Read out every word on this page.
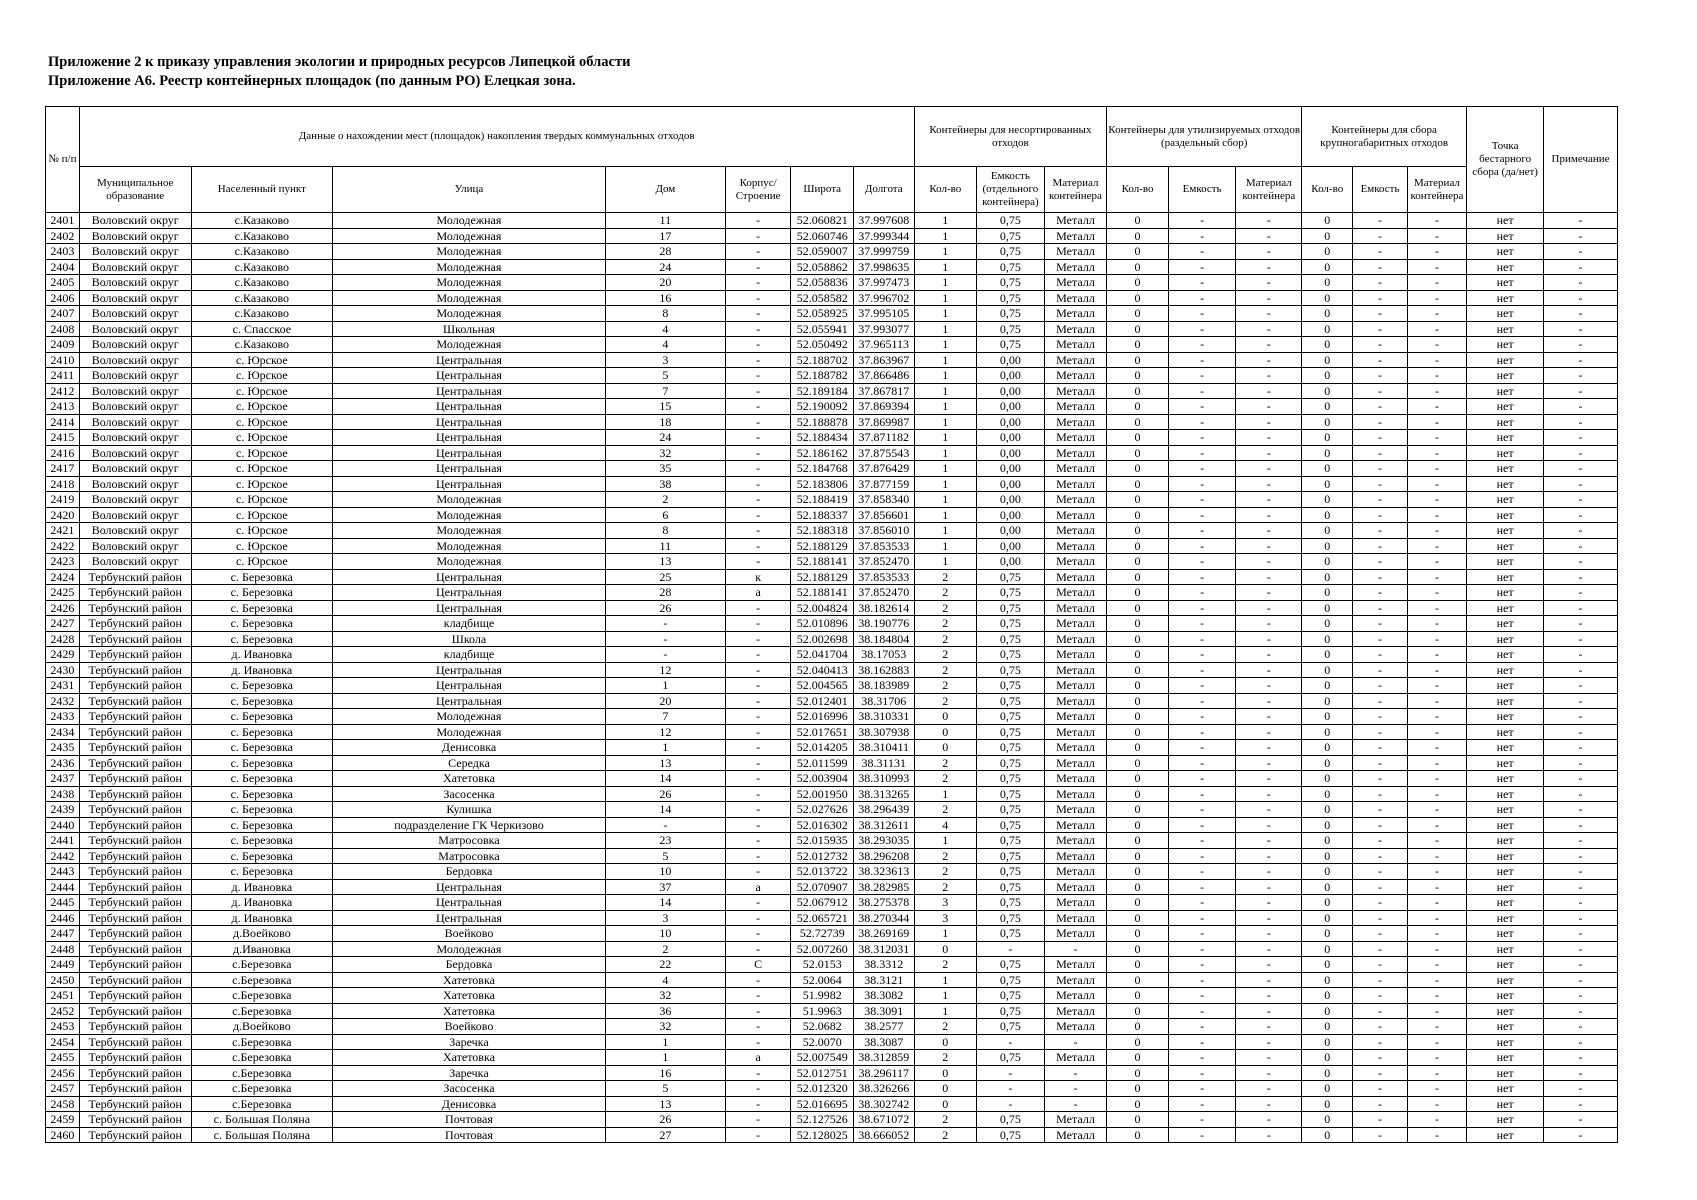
Приложение 2 к приказу управления экологии и природных ресурсов Липецкой области
Приложение А6. Реестр контейнерных площадок (по данным РО) Елецкая зона.
№ п/п	Данные о нахождении мест (площадок) накопления твердых коммунальных отходов							Контейнеры для несортированных отходов			Контейнеры для утилизируемых отходов (раздельный сбор)			Контейнеры для сбора крупногабаритных отходов			Точка бестарного сбора (да/нет)	Примечание
	Муниципальное образование	Населенный пункт	Улица	Дом	Корпус/ Строение	Широта	Долгота	Кол-во	Емкость (отдельного контейнера)	Материал контейнера	Кол-во	Емкость	Материал контейнера	Кол-во	Емкость	Материал контейнера		
2401	Воловский округ	с.Казаково	Молодежная	11	-	52.060821	37.997608	1	0,75	Металл	0	-	-	0	-	-	нет	-
2402	Воловский округ	с.Казаково	Молодежная	17	-	52.060746	37.999344	1	0,75	Металл	0	-	-	0	-	-	нет	-
2403	Воловский округ	с.Казаково	Молодежная	28	-	52.059007	37.999759	1	0,75	Металл	0	-	-	0	-	-	нет	-
2404	Воловский округ	с.Казаково	Молодежная	24	-	52.058862	37.998635	1	0,75	Металл	0	-	-	0	-	-	нет	-
2405	Воловский округ	с.Казаково	Молодежная	20	-	52.058836	37.997473	1	0,75	Металл	0	-	-	0	-	-	нет	-
2406	Воловский округ	с.Казаково	Молодежная	16	-	52.058582	37.996702	1	0,75	Металл	0	-	-	0	-	-	нет	-
2407	Воловский округ	с.Казаково	Молодежная	8	-	52.058925	37.995105	1	0,75	Металл	0	-	-	0	-	-	нет	-
2408	Воловский округ	с. Спасское	Школьная	4	-	52.055941	37.993077	1	0,75	Металл	0	-	-	0	-	-	нет	-
2409	Воловский округ	с.Казаково	Молодежная	4	-	52.050492	37.965113	1	0,75	Металл	0	-	-	0	-	-	нет	-
2410	Воловский округ	с. Юрское	Центральная	3	-	52.188702	37.863967	1	0,00	Металл	0	-	-	0	-	-	нет	-
2411	Воловский округ	с. Юрское	Центральная	5	-	52.188782	37.866486	1	0,00	Металл	0	-	-	0	-	-	нет	-
2412	Воловский округ	с. Юрское	Центральная	7	-	52.189184	37.867817	1	0,00	Металл	0	-	-	0	-	-	нет	-
2413	Воловский округ	с. Юрское	Центральная	15	-	52.190092	37.869394	1	0,00	Металл	0	-	-	0	-	-	нет	-
2414	Воловский округ	с. Юрское	Центральная	18	-	52.188878	37.869987	1	0,00	Металл	0	-	-	0	-	-	нет	-
2415	Воловский округ	с. Юрское	Центральная	24	-	52.188434	37.871182	1	0,00	Металл	0	-	-	0	-	-	нет	-
2416	Воловский округ	с. Юрское	Центральная	32	-	52.186162	37.875543	1	0,00	Металл	0	-	-	0	-	-	нет	-
2417	Воловский округ	с. Юрское	Центральная	35	-	52.184768	37.876429	1	0,00	Металл	0	-	-	0	-	-	нет	-
2418	Воловский округ	с. Юрское	Центральная	38	-	52.183806	37.877159	1	0,00	Металл	0	-	-	0	-	-	нет	-
2419	Воловский округ	с. Юрское	Молодежная	2	-	52.188419	37.858340	1	0,00	Металл	0	-	-	0	-	-	нет	-
2420	Воловский округ	с. Юрское	Молодежная	6	-	52.188337	37.856601	1	0,00	Металл	0	-	-	0	-	-	нет	-
2421	Воловский округ	с. Юрское	Молодежная	8	-	52.188318	37.856010	1	0,00	Металл	0	-	-	0	-	-	нет	-
2422	Воловский округ	с. Юрское	Молодежная	11	-	52.188129	37.853533	1	0,00	Металл	0	-	-	0	-	-	нет	-
2423	Воловский округ	с. Юрское	Молодежная	13	-	52.188141	37.852470	1	0,00	Металл	0	-	-	0	-	-	нет	-
2424	Тербунский район	с. Березовка	Центральная	25	к	52.188129	37.853533	2	0,75	Металл	0	-	-	0	-	-	нет	-
2425	Тербунский район	с. Березовка	Центральная	28	а	52.188141	37.852470	2	0,75	Металл	0	-	-	0	-	-	нет	-
2426	Тербунский район	с. Березовка	Центральная	26	-	52.004824	38.182614	2	0,75	Металл	0	-	-	0	-	-	нет	-
2427	Тербунский район	с. Березовка	кладбище	-	-	52.010896	38.190776	2	0,75	Металл	0	-	-	0	-	-	нет	-
2428	Тербунский район	с. Березовка	Школа	-	-	52.002698	38.184804	2	0,75	Металл	0	-	-	0	-	-	нет	-
2429	Тербунский район	д. Ивановка	кладбище	-	-	52.041704	38.17053	2	0,75	Металл	0	-	-	0	-	-	нет	-
2430	Тербунский район	д. Ивановка	Центральная	12	-	52.040413	38.162883	2	0,75	Металл	0	-	-	0	-	-	нет	-
2431	Тербунский район	с. Березовка	Центральная	1	-	52.004565	38.183989	2	0,75	Металл	0	-	-	0	-	-	нет	-
2432	Тербунский район	с. Березовка	Центральная	20	-	52.012401	38.31706	2	0,75	Металл	0	-	-	0	-	-	нет	-
2433	Тербунский район	с. Березовка	Молодежная	7	-	52.016996	38.310331	0	0,75	Металл	0	-	-	0	-	-	нет	-
2434	Тербунский район	с. Березовка	Молодежная	12	-	52.017651	38.307938	0	0,75	Металл	0	-	-	0	-	-	нет	-
2435	Тербунский район	с. Березовка	Денисовка	1	-	52.014205	38.310411	0	0,75	Металл	0	-	-	0	-	-	нет	-
2436	Тербунский район	с. Березовка	Середка	13	-	52.011599	38.31131	2	0,75	Металл	0	-	-	0	-	-	нет	-
2437	Тербунский район	с. Березовка	Хатетовка	14	-	52.003904	38.310993	2	0,75	Металл	0	-	-	0	-	-	нет	-
2438	Тербунский район	с. Березовка	Засосенка	26	-	52.001950	38.313265	1	0,75	Металл	0	-	-	0	-	-	нет	-
2439	Тербунский район	с. Березовка	Кулишка	14	-	52.027626	38.296439	2	0,75	Металл	0	-	-	0	-	-	нет	-
2440	Тербунский район	с. Березовка	подразделение ГК Черкизово	-	-	52.016302	38.312611	4	0,75	Металл	0	-	-	0	-	-	нет	-
2441	Тербунский район	с. Березовка	Матросовка	23	-	52.015935	38.293035	1	0,75	Металл	0	-	-	0	-	-	нет	-
2442	Тербунский район	с. Березовка	Матросовка	5	-	52.012732	38.296208	2	0,75	Металл	0	-	-	0	-	-	нет	-
2443	Тербунский район	с. Березовка	Бердовка	10	-	52.013722	38.323613	2	0,75	Металл	0	-	-	0	-	-	нет	-
2444	Тербунский район	д. Ивановка	Центральная	37	а	52.070907	38.282985	2	0,75	Металл	0	-	-	0	-	-	нет	-
2445	Тербунский район	д. Ивановка	Центральная	14	-	52.067912	38.275378	3	0,75	Металл	0	-	-	0	-	-	нет	-
2446	Тербунский район	д. Ивановка	Центральная	3	-	52.065721	38.270344	3	0,75	Металл	0	-	-	0	-	-	нет	-
2447	Тербунский район	д.Воейково	Воейково	10	-	52.72739	38.269169	1	0,75	Металл	0	-	-	0	-	-	нет	-
2448	Тербунский район	д.Ивановка	Молодежная	2	-	52.007260	38.312031	0	-	-	0	-	-	0	-	-	нет	-
2449	Тербунский район	с.Березовка	Бердовка	22	С	52.0153	38.3312	2	0,75	Металл	0	-	-	0	-	-	нет	-
2450	Тербунский район	с.Березовка	Хатетовка	4	-	52.0064	38.3121	1	0,75	Металл	0	-	-	0	-	-	нет	-
2451	Тербунский район	с.Березовка	Хатетовка	32	-	51.9982	38.3082	1	0,75	Металл	0	-	-	0	-	-	нет	-
2452	Тербунский район	с.Березовка	Хатетовка	36	-	51.9963	38.3091	1	0,75	Металл	0	-	-	0	-	-	нет	-
2453	Тербунский район	д.Воейково	Воейково	32	-	52.0682	38.2577	2	0,75	Металл	0	-	-	0	-	-	нет	-
2454	Тербунский район	с.Березовка	Заречка	1	-	52.0070	38.3087	0	-	-	0	-	-	0	-	-	нет	-
2455	Тербунский район	с.Березовка	Хатетовка	1	а	52.007549	38.312859	2	0,75	Металл	0	-	-	0	-	-	нет	-
2456	Тербунский район	с.Березовка	Заречка	16	-	52.012751	38.296117	0	-	-	0	-	-	0	-	-	нет	-
2457	Тербунский район	с.Березовка	Засосенка	5	-	52.012320	38.326266	0	-	-	0	-	-	0	-	-	нет	-
2458	Тербунский район	с.Березовка	Денисовка	13	-	52.016695	38.302742	0	-	-	0	-	-	0	-	-	нет	-
2459	Тербунский район	с. Большая Поляна	Почтовая	26	-	52.127526	38.671072	2	0,75	Металл	0	-	-	0	-	-	нет	-
2460	Тербунский район	с. Большая Поляна	Почтовая	27	-	52.128025	38.666052	2	0,75	Металл	0	-	-	0	-	-	нет	-
